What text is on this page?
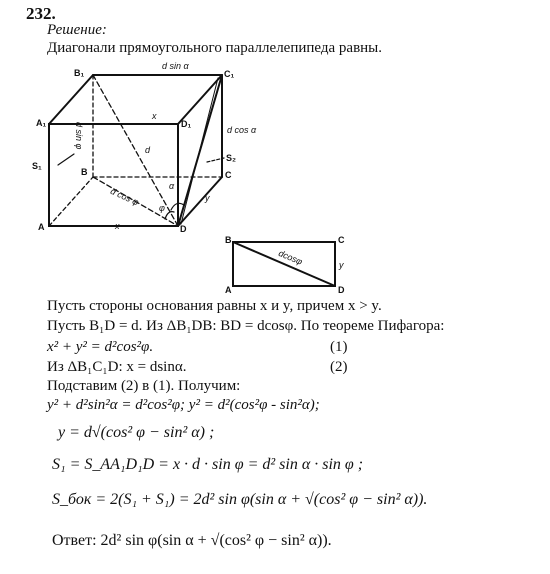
232.
Решение:
Диагонали прямоугольного параллелепипеда равны.
B₁	C₁
A₁	D₁
A
B	C
D
S₁
S₂
d
x
x
y
α
φ
d sin α
d cos α
d sin φ
d cos φ
B	C
A	D
y
dcosφ
Пусть стороны основания равны x и y, причем x > y.
Пусть B₁D = d. Из ΔB₁DB: BD = dcosφ. По теореме Пифагора:
x² + y² = d²cos²φ.	(1)
Из ΔB₁C₁D: x = dsinα.	(2)
Подставим (2) в (1). Получим:
y² + d²sin²α = d²cos²φ; y² = d²(cos²φ - sin²α);
y = d√(cos² φ − sin² α) ;
S₁ = S_AA₁D₁D = x · d · sin φ = d² sin α · sin φ ;
S_бок = 2(S₁ + S₁) = 2d² sin φ(sin α + √(cos² φ − sin² α)).
Ответ: 2d² sin φ(sin α + √(cos² φ − sin² α)).
